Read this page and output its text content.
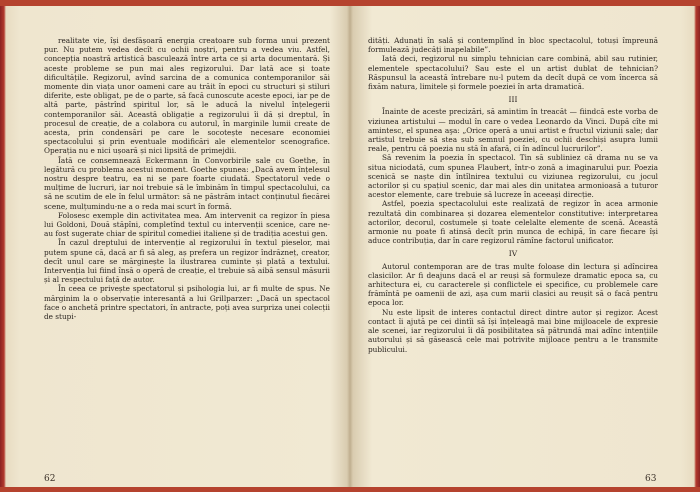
realitate vie, își desfășoară energia creatoare sub forma unui prezent pur. Nu putem vedea decît cu ochii noștri, pentru a vedea viu. Astfel, concepția noastră artistică basculează între arta ce și arta documentară. Și aceste probleme se pun mai ales regizorului. Dar lată ace și toate dificultățile. Regizorul, avînd sarcina de a comunica contemporanilor săi momente din viața unor oameni care au trăit în epoci cu structuri și stiluri diferite, este obligat, pe de o parte, să facă cunoscute aceste epoci, iar pe de altă parte, păstrînd spiritul lor, să le aducă la nivelul înțelegerii contemporanilor săi. Această obligație a regizorului îi dă și dreptul, în procesul de creație, de a colabora cu autorul, în marginile lumii create de acesta, prin condensări pe care le socotește necesare economiei spectacolului și prin eventuale modificări ale elementelor scenografice. Operația nu e nici ușoară și nici lipsită de primejdii.

Îată ce consemnează Eckermann în Convorbirile sale cu Goethe, în legătură cu problema acestui moment. Goethe spunea: „Dacă avem înțelesul nostru despre teatru, ea ni se pare foarte ciudată. Spectatorul vede o mulțime de lucruri, iar noi trebuie să le îmbinăm în timpul spectacolului, ca să ne scutim de ele în felul următor: să ne păstrăm intact conținutul fiecărei scene, mulțumindu-ne a o reda mai scurt în formă.

Folosesc exemple din activitatea mea. Am intervenit ca regizor în piesa lui Goldoni, Două stăpîni, completînd textul cu intervenții scenice, care ne-au fost sugerate chiar de spiritul comediei italiene și de tradiția acestui gen.

În cazul dreptului de intervenție al regizorului în textul pieselor, mai putem spune că, dacă ar fi să aleg, aș prefera un regizor îndrăzneț, creator, decît unul care se mărginește la ilustrarea cuminte și plată a textului. Intervenția lui fiind însă o operă de creație, el trebuie să aibă sensul măsurii și al respectului față de autor.

În ceea ce privește spectatorul și psihologia lui, ar fi multe de spus. Ne mărginim la o observație interesantă a lui Grillparzer: „Dacă un spectacol face o anchetă printre spectatori, în antracte, poți avea surpriza unei colecții de stupi-

62

dități. Adunați în sală și contemplînd în bloc spectacolul, totuși împreună formulează judecăți inapelabile”.

Iată deci, regizorul nu simplu tehnician care combină, abil sau rutinier, elementele spectacolului? Sau este el un artist dublat de tehnician? Răspunsul la această întrebare nu-l putem da decît după ce vom încerca să fixăm natura, limitele și formele poeziei în arta dramatică.

III

Înainte de aceste precizări, să amintim în treacăt — fiindcă este vorba de viziunea artistului — modul în care o vedea Leonardo da Vinci. După cîte mi amintesc, el spunea aşa: „Orice operă a unui artist e fructul viziunii sale; dar artistul trebuie să stea sub semnul poeziei, cu ochii deschiși asupra lumii reale, pentru că poezia nu stă în afară, ci în adîncul lucrurilor”.

Să revenim la poezia în spectacol. Tin să subliniez că drama nu se va situa niciodată, cum spunea Flaubert, într-o zonă a imaginarului pur. Poezia scenică se naște din întîlnirea textului cu viziunea regizorului, cu jocul actorilor și cu spațiul scenic, dar mai ales din unitatea armonioasă a tuturor acestor elemente, care trebuie să lucreze în aceeași direcție.

Astfel, poezia spectacolului este realizată de regizor în acea armonie rezultată din combinarea și dozarea elementelor constitutive: interpretarea actorilor, decorul, costumele și toate celelalte elemente de scenă. Această armonie nu poate fi atinsă decît prin munca de echipă, în care fiecare își aduce contribuția, dar în care regizorul rămîne factorul unificator.

IV

Autorul contemporan are de tras multe foloase din lectura și adîncirea clasicilor. Ar fi deajuns dacă el ar reuși să formuleze dramatic epoca sa, cu arhitectura ei, cu caracterele și conflictele ei specifice, cu problemele care frămîntă pe oamenii de azi, așa cum marii clasici au reușit să o facă pentru epoca lor.

Nu este lipsit de interes contactul direct dintre autor și regizor. Acest contact îi ajută pe cei dintîi să își înțeleagă mai bine mijloacele de expresie ale scenei, iar regizorului îi dă posibilitatea să pătrundă mai adînc intențiile autorului și să găsească cele mai potrivite mijloace pentru a le transmite publicului.

63
